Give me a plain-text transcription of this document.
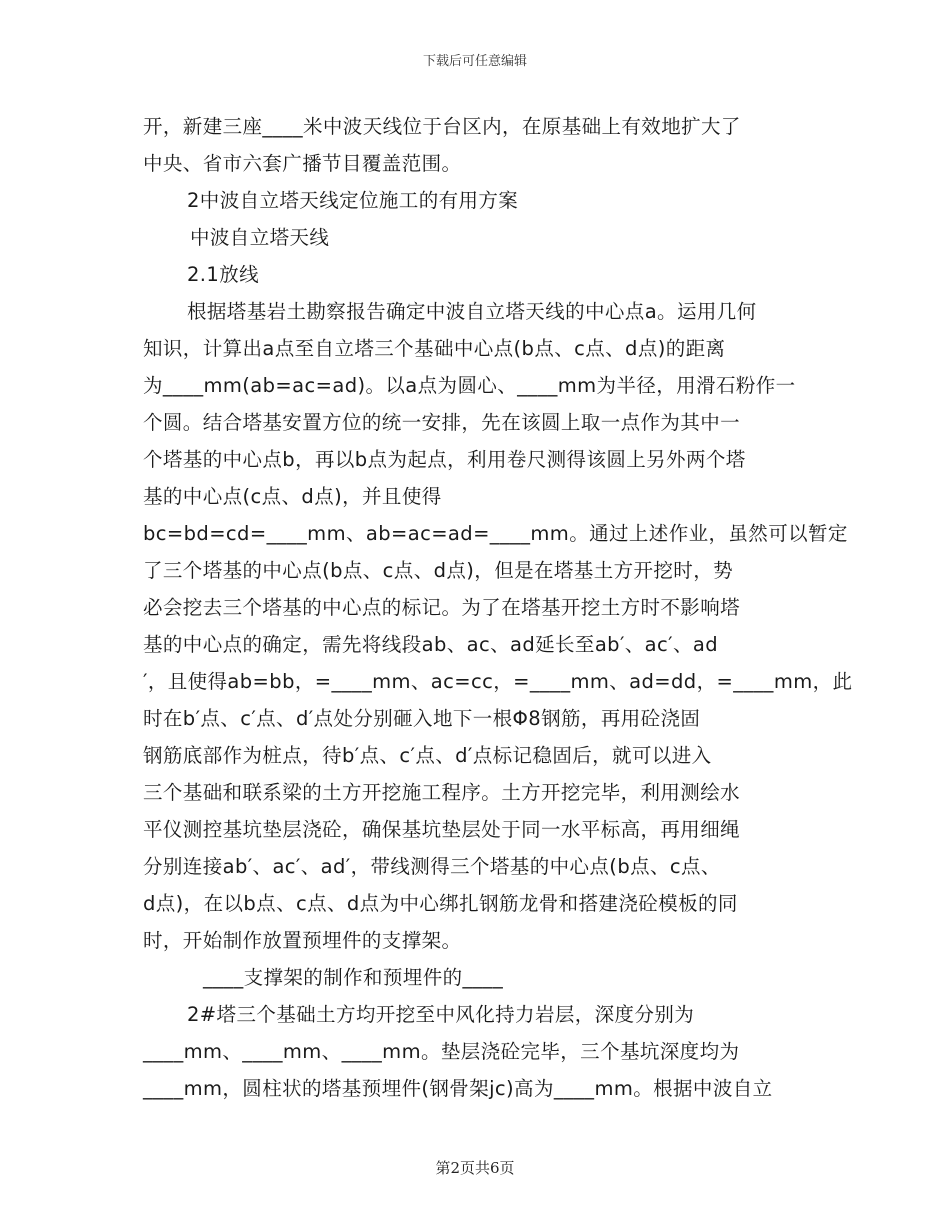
下载后可任意编辑
开，新建三座____米中波天线位于台区内，在原基础上有效地扩大了
中央、省市六套广播节目覆盖范围。
2中波自立塔天线定位施工的有用方案
中波自立塔天线
2.1放线
根据塔基岩土勘察报告确定中波自立塔天线的中心点a。运用几何
知识，计算出a点至自立塔三个基础中心点(b点、c点、d点)的距离
为____mm(ab=ac=ad)。以a点为圆心、____mm为半径，用滑石粉作一
个圆。结合塔基安置方位的统一安排，先在该圆上取一点作为其中一
个塔基的中心点b，再以b点为起点，利用卷尺测得该圆上另外两个塔
基的中心点(c点、d点)，并且使得
bc=bd=cd=____mm、ab=ac=ad=____mm。通过上述作业，虽然可以暂定
了三个塔基的中心点(b点、c点、d点)，但是在塔基土方开挖时，势
必会挖去三个塔基的中心点的标记。为了在塔基开挖土方时不影响塔
基的中心点的确定，需先将线段ab、ac、ad延长至ab′、ac′、ad
′，且使得ab=bb，=____mm、ac=cc，=____mm、ad=dd，=____mm，此
时在b′点、c′点、d′点处分别砸入地下一根Φ8钢筋，再用砼浇固
钢筋底部作为桩点，待b′点、c′点、d′点标记稳固后，就可以进入
三个基础和联系梁的土方开挖施工程序。土方开挖完毕，利用测绘水
平仪测控基坑垫层浇砼，确保基坑垫层处于同一水平标高，再用细绳
分别连接ab′、ac′、ad′，带线测得三个塔基的中心点(b点、c点、
d点)，在以b点、c点、d点为中心绑扎钢筋龙骨和搭建浇砼模板的同
时，开始制作放置预埋件的支撑架。
____支撑架的制作和预埋件的____
2#塔三个基础土方均开挖至中风化持力岩层，深度分别为
____mm、____mm、____mm。垫层浇砼完毕，三个基坑深度均为
____mm，圆柱状的塔基预埋件(钢骨架jc)高为____mm。根据中波自立
第2页共6页
